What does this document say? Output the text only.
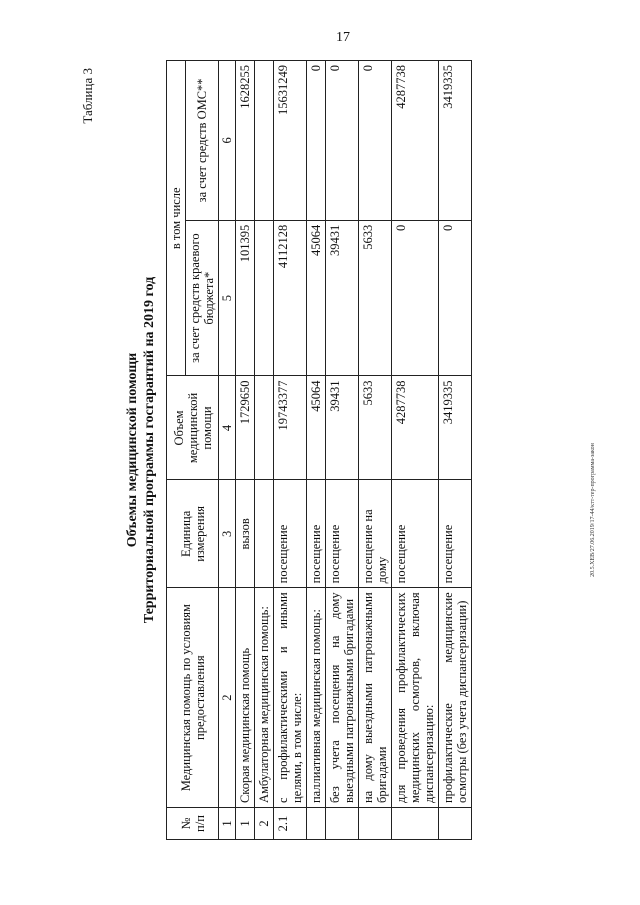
17
20.5.XEB/27.06.2019/17-44/ктт-тер-программа-закон
Таблица 3
Объемы медицинской помощи Территориальной программы госгарантий на 2019 год
№ п/п	Медицинская помощь по условиям предоставления	Единица измерения	Объем медицинской помощи	в том числе	
				за счет средств краевого бюджета*	за счет средств ОМС**
1	2	3	4	5	6
1	Скорая медицинская помощь	вызов	1729650	101395	1628255
2	Амбулаторная медицинская помощь:				
2.1	с профилактическими и иными целями, в том числе:	посещение	19743377	4112128	15631249
	паллиативная медицинская помощь:	посещение	45064	45064	0
	без учета посещения на дому выездными патронажными бригадами	посещение	39431	39431	0
	на дому выездными патронажными бригадами	посещение на дому	5633	5633	0
	для проведения профилактических медицинских осмотров, включая диспансеризацию:	посещение	4287738	0	4287738
	профилактические медицинские осмотры (без учета диспансеризации)	посещение	3419335	0	3419335
